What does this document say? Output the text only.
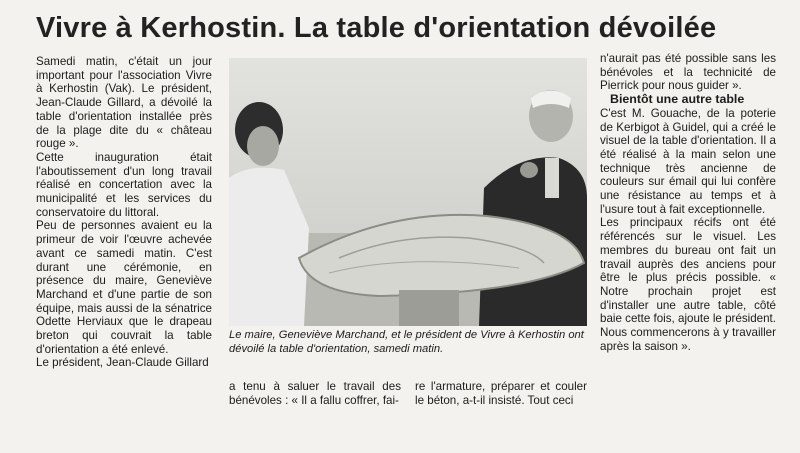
Vivre à Kerhostin. La table d'orientation dévoilée

Samedi matin, c'était un jour important pour l'association Vivre à Kerhostin (Vak). Le président, Jean-Claude Gillard, a dévoilé la table d'orientation installée près de la plage dite du « château rouge ».

Cette inauguration était l'aboutissement d'un long travail réalisé en concertation avec la municipalité et les services du conservatoire du littoral.

Peu de personnes avaient eu la primeur de voir l'œuvre achevée avant ce samedi matin. C'est durant une cérémonie, en présence du maire, Geneviève Marchand et d'une partie de son équipe, mais aussi de la sénatrice Odette Herviaux que le drapeau breton qui couvrait la table d'orientation a été enlevé.

Le président, Jean-Claude Gillard

Le maire, Geneviève Marchand, et le président de Vivre à Kerhostin ont dévoilé la table d'orientation, samedi matin.
a tenu à saluer le travail des bénévoles : « Il a fallu coffrer, fai-
re l'armature, préparer et couler le béton, a-t-il insisté. Tout ceci

n'aurait pas été possible sans les bénévoles et la technicité de Pierrick pour nous guider ».

Bientôt une autre table

C'est M. Gouache, de la poterie de Kerbigot à Guidel, qui a créé le visuel de la table d'orientation. Il a été réalisé à la main selon une technique très ancienne de couleurs sur émail qui lui confère une résistance au temps et à l'usure tout à fait exceptionnelle.

Les principaux récifs ont été référencés sur le visuel. Les membres du bureau ont fait un travail auprès des anciens pour être le plus précis possible. « Notre prochain projet est d'installer une autre table, côté baie cette fois, ajoute le président. Nous commencerons à y travailler après la saison ».
